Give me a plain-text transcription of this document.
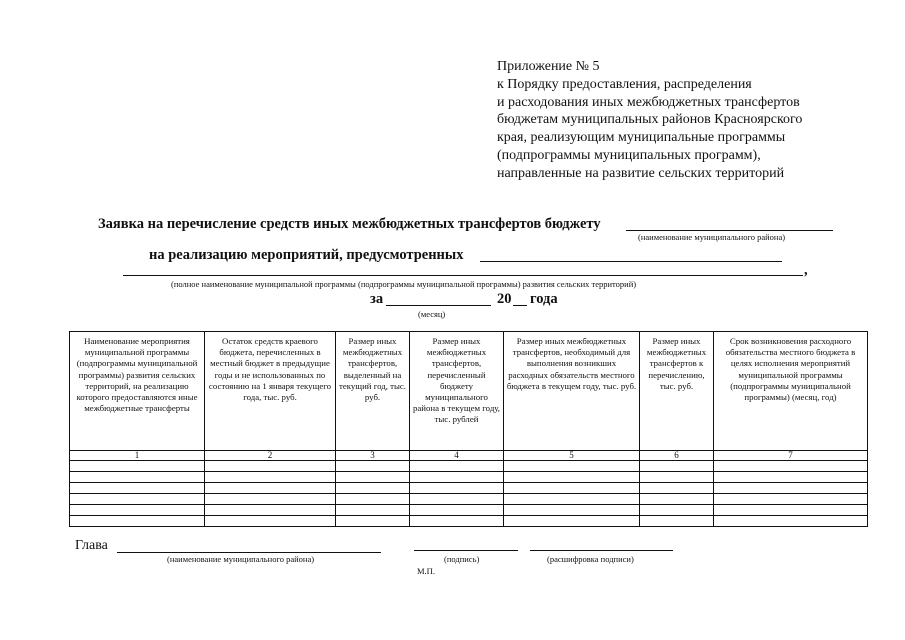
Приложение № 5
к Порядку предоставления, распределения
и расходования иных межбюджетных трансфертов
бюджетам муниципальных районов Красноярского
края, реализующим муниципальные программы
(подпрограммы муниципальных программ),
направленные на развитие сельских территорий
Заявка на перечисление средств иных межбюджетных трансфертов бюджету
(наименование муниципального района)
на реализацию мероприятий, предусмотренных
,
(полное наименование муниципальной программы (подпрограммы муниципальной программы) развития сельских территорий)
за	20 года
(месяц)
Наименование мероприятия муниципальной программы (подпрограммы муниципальной программы) развития сельских территорий, на реализацию которого предоставляются иные межбюджетные трансферты	Остаток средств краевого бюджета, перечисленных в местный бюджет в предыдущие годы и не использованных по состоянию на 1 января текущего года, тыс. руб.	Размер иных межбюджетных трансфертов, выделенный на текущий год, тыс. руб.	Размер иных межбюджетных трансфертов, перечисленный бюджету муниципального района в текущем году, тыс. рублей	Размер иных межбюджетных трансфертов, необходимый для выполнения возникших расходных обязательств местного бюджета в текущем году, тыс. руб.	Размер иных межбюджетных трансфертов к перечислению, тыс. руб.	Срок возникновения расходного обязательства местного бюджета в целях исполнения мероприятий муниципальной программы (подпрограммы муниципальной программы) (месяц, год)
1	2	3	4	5	6	7

Глава
(наименование муниципального района)	(подпись)	(расшифровка подписи)
М.П.
